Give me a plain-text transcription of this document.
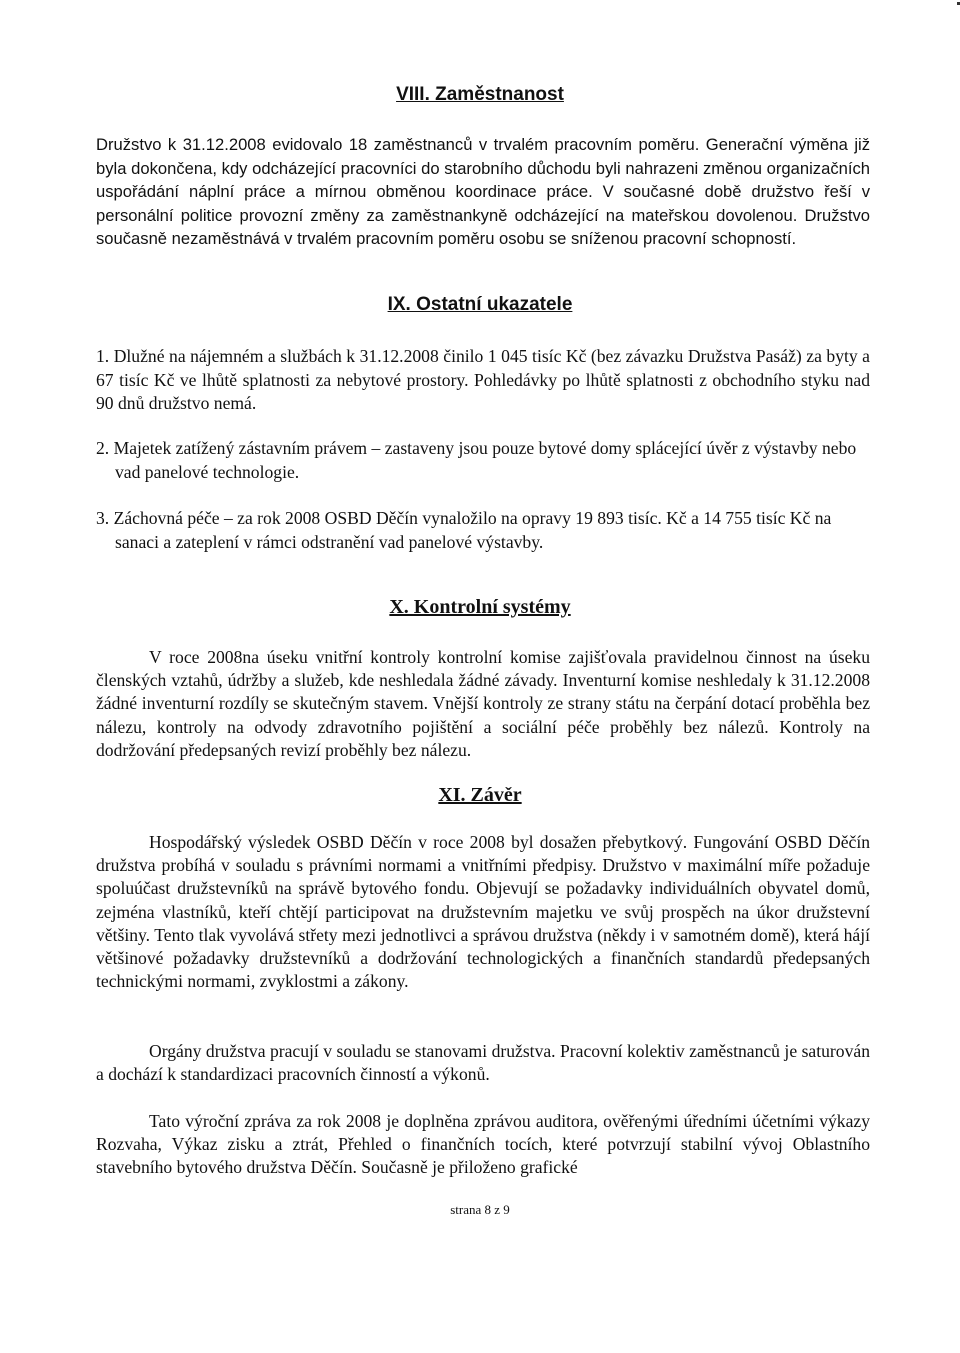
VIII. Zaměstnanost

Družstvo k 31.12.2008 evidovalo 18 zaměstnanců v trvalém pracovním poměru. Generační výměna již byla dokončena, kdy odcházející pracovníci do starobního důchodu byli nahrazeni změnou organizačních uspořádání náplní práce a mírnou obměnou koordinace práce. V současné době družstvo řeší v personální politice provozní změny za zaměstnankyně odcházející na mateřskou dovolenou. Družstvo současně nezaměstnává v trvalém pracovním poměru osobu se sníženou pracovní schopností.

IX. Ostatní ukazatele

1. Dlužné na nájemném a službách k 31.12.2008 činilo 1 045 tisíc Kč (bez závazku Družstva Pasáž) za byty a 67 tisíc Kč ve lhůtě splatnosti za nebytové prostory. Pohledávky po lhůtě splatnosti z obchodního styku nad 90 dnů družstvo nemá.

2. Majetek zatížený zástavním právem – zastaveny jsou pouze bytové domy splácející úvěr z výstavby nebo vad panelové technologie.

3. Záchovná péče – za rok 2008 OSBD Děčín vynaložilo na opravy 19 893 tisíc. Kč a 14 755 tisíc Kč na sanaci a zateplení v rámci odstranění vad panelové výstavby.

X. Kontrolní systémy

V roce 2008na úseku vnitřní kontroly kontrolní komise zajišťovala pravidelnou činnost na úseku členských vztahů, údržby a služeb, kde neshledala žádné závady. Inventurní komise neshledaly k 31.12.2008 žádné inventurní rozdíly se skutečným stavem. Vnější kontroly ze strany státu na čerpání dotací proběhla bez nálezu, kontroly na odvody zdravotního pojištění a sociální péče proběhly bez nálezů. Kontroly na dodržování předepsaných revizí proběhly bez nálezu.

XI. Závěr

Hospodářský výsledek OSBD Děčín v roce 2008 byl dosažen přebytkový. Fungování OSBD Děčín družstva probíhá v souladu s právními normami a vnitřními předpisy. Družstvo v maximální míře požaduje spoluúčast družstevníků na správě bytového fondu. Objevují se požadavky individuálních obyvatel domů, zejména vlastníků, kteří chtějí participovat na družstevním majetku ve svůj prospěch na úkor družstevní většiny. Tento tlak vyvolává střety mezi jednotlivci a správou družstva (někdy i v samotném domě), která hájí většinové požadavky družstevníků a dodržování technologických a finančních standardů předepsaných technickými normami, zvyklostmi a zákony.

Orgány družstva pracují v souladu se stanovami družstva. Pracovní kolektiv zaměstnanců je saturován a dochází k standardizaci pracovních činností a výkonů.

Tato výroční zpráva za rok 2008 je doplněna zprávou auditora, ověřenými úředními účetními výkazy Rozvaha, Výkaz zisku a ztrát, Přehled o finančních tocích, které potvrzují stabilní vývoj Oblastního stavebního bytového družstva Děčín. Současně je přiloženo grafické

strana 8 z 9
